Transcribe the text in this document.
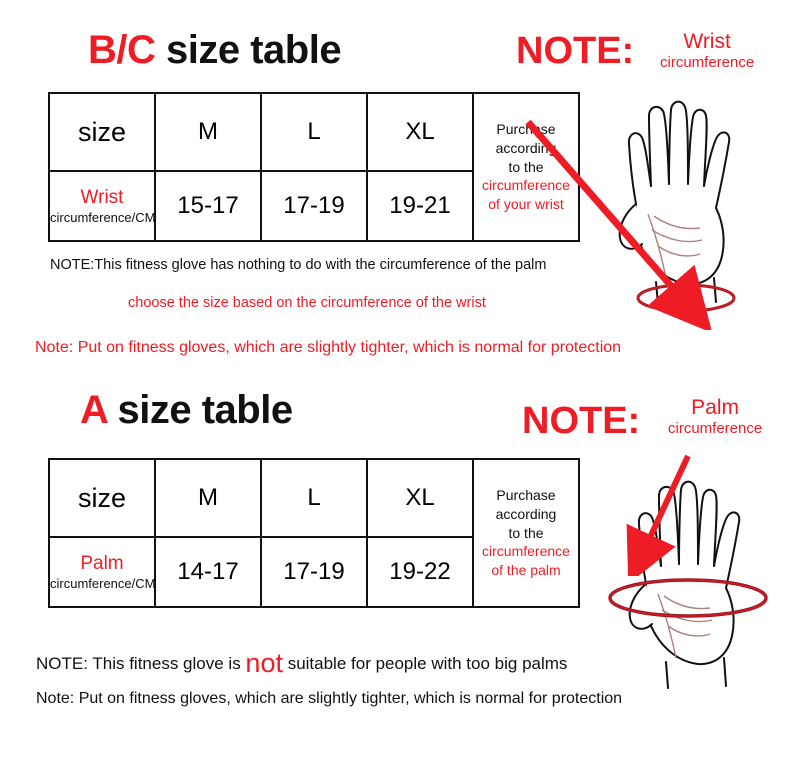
B/C size table	NOTE:	Wrist
circumference
size	M	L	XL	Purchase
according
to the
circumference
of your wrist

Wrist
circumference/CM	15-17	17-19	19-21	
NOTE:This fitness glove has nothing to do with the circumference of the palm
choose the size based on the circumference of the wrist
Note: Put on fitness gloves, which are slightly tighter, which is normal for protection
A size table	NOTE:	Palm
circumference
size	M	L	XL	Purchase
according
to the
circumference
of the palm

Palm
circumference/CM	14-17	17-19	19-22	
NOTE: This fitness glove is not suitable for people with too big palms
Note: Put on fitness gloves, which are slightly tighter, which is normal for protection
